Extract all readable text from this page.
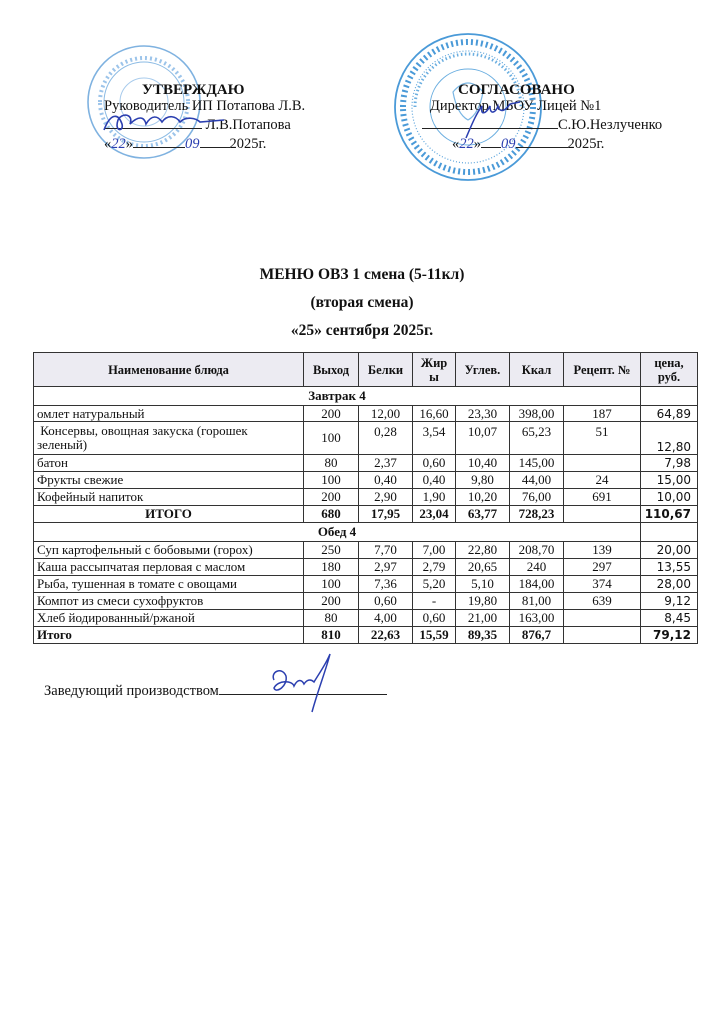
УТВЕРЖДАЮ
Руководитель ИП Потапова Л.В.
Л.В.Потапова
«22»	09 2025г.
СОГЛАСОВАНО
Директор МБОУ Лицей №1
С.Ю.Незлученко
«22» 09	2025г.
МЕНЮ ОВЗ 1 смена (5-11кл)
(вторая смена)
«25» сентября 2025г.
Наименование блюда	Выход	Белки	Жир ы	Углев.	Ккал	Рецепт. №	цена, руб.
Завтрак 4							
омлет натуральный	200	12,00	16,60	23,30	398,00	187	64,89
Консервы, овощная закуска (горошек зеленый)	100	0,28	3,54	10,07	65,23	51	12,80
батон	80	2,37	0,60	10,40	145,00		7,98
Фрукты свежие	100	0,40	0,40	9,80	44,00	24	15,00
Кофейный напиток	200	2,90	1,90	10,20	76,00	691	10,00
ИТОГО	680	17,95	23,04	63,77	728,23		110,67
Обед 4							
Суп картофельный с бобовыми (горох)	250	7,70	7,00	22,80	208,70	139	20,00
Каша рассыпчатая перловая с маслом	180	2,97	2,79	20,65	240	297	13,55
Рыба, тушенная в томате с овощами	100	7,36	5,20	5,10	184,00	374	28,00
Компот из смеси сухофруктов	200	0,60	-	19,80	81,00	639	9,12
Хлеб йодированный/ржаной	80	4,00	0,60	21,00	163,00		8,45
Итого	810	22,63	15,59	89,35	876,7		79,12
Заведующий производством
